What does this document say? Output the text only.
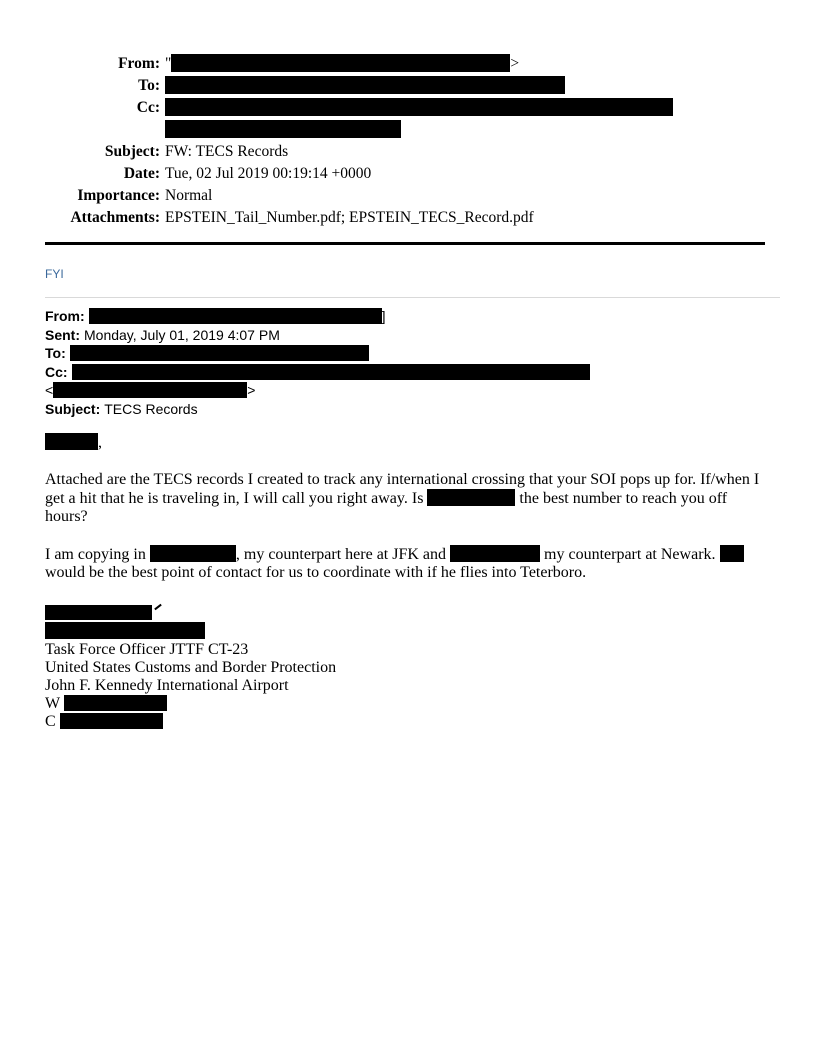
From: "	>
To:
Cc:

Subject: FW: TECS Records
Date: Tue, 02 Jul 2019 00:19:14 +0000
Importance: Normal
Attachments: EPSTEIN_Tail_Number.pdf; EPSTEIN_TECS_Record.pdf
FYI
From:	]
Sent: Monday, July 01, 2019 4:07 PM
To:
Cc:
<	>
Subject: TECS Records
,

Attached are the TECS records I created to track any international crossing that your SOI pops up for. If/when I get a hit that he is traveling in, I will call you right away. Is	the best number to reach you off hours?

I am copying in	, my counterpart here at JFK and	my counterpart at Newark.  would be the best point of contact for us to coordinate with if he flies into Teterboro.

Task Force Officer JTTF CT-23
United States Customs and Border Protection
John F. Kennedy International Airport
W
C
